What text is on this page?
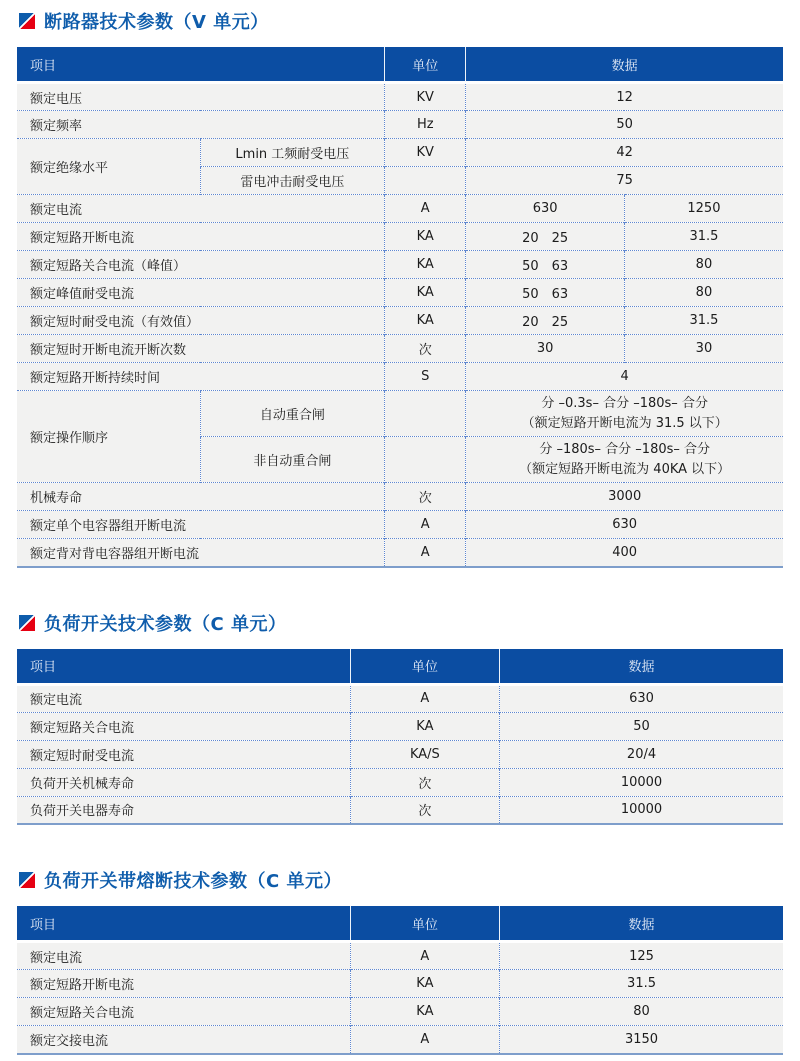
断路器技术参数（V 单元）
项目		单位	数据	
额定电压		KV	12	
额定频率		Hz	50	
额定绝缘水平	Lmin 工频耐受电压	KV	42	
	雷电冲击耐受电压		75	
额定电流		A	630	1250
额定短路开断电流		KA	20　25	31.5
额定短路关合电流（峰值）		KA	50　63	80
额定峰值耐受电流		KA	50　63	80
额定短时耐受电流（有效值）		KA	20　25	31.5
额定短时开断电流开断次数		次	30	30
额定短路开断持续时间		S	4	
额定操作顺序	自动重合闸		分 –0.3s– 合分 –180s– 合分
（额定短路开断电流为 31.5 以下）	

	非自动重合闸		分 –180s– 合分 –180s– 合分
（额定短路开断电流为 40KA 以下）	

机械寿命		次	3000	
额定单个电容器组开断电流		A	630	
额定背对背电容器组开断电流		A	400	
负荷开关技术参数（C 单元）
项目	单位	数据
额定电流	A	630
额定短路关合电流	KA	50
额定短时耐受电流	KA/S	20/4
负荷开关机械寿命	次	10000
负荷开关电器寿命	次	10000
负荷开关带熔断技术参数（C 单元）
项目	单位	数据
额定电流	A	125
额定短路开断电流	KA	31.5
额定短路关合电流	KA	80
额定交接电流	A	3150
